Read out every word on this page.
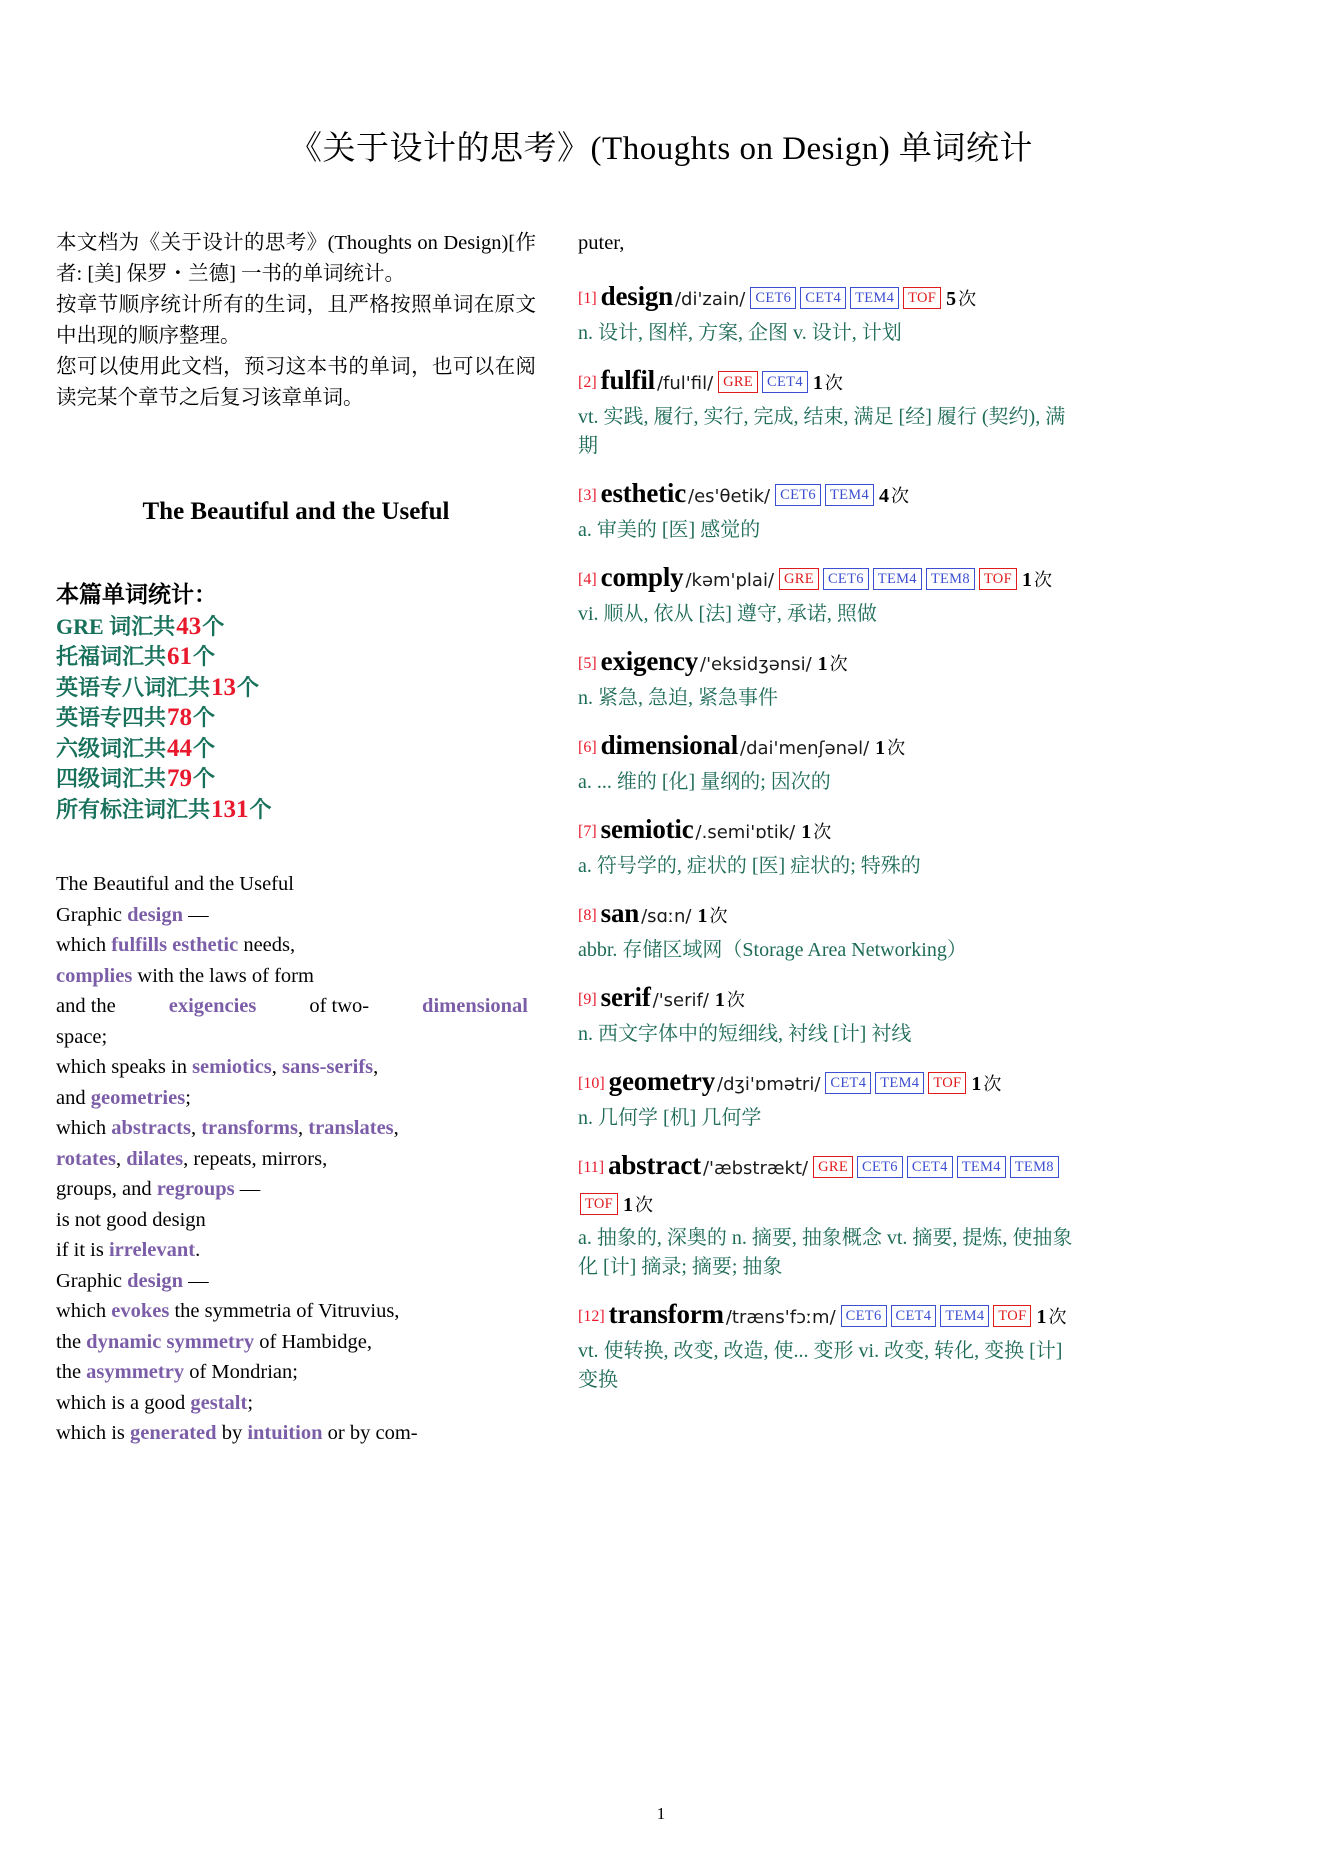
《关于设计的思考》(Thoughts on Design) 单词统计

本文档为《关于设计的思考》(Thoughts on Design)[作者: [美] 保罗・兰德] 一书的单词统计。

按章节顺序统计所有的生词，且严格按照单词在原文中出现的顺序整理。

您可以使用此文档，预习这本书的单词，也可以在阅读完某个章节之后复习该章单词。

The Beautiful and the Useful
本篇单词统计：
GRE 词汇共43个
托福词汇共61个
英语专八词汇共13个
英语专四共78个
六级词汇共44个
四级词汇共79个
所有标注词汇共131个
The Beautiful and the Useful
Graphic design —
which fulfills esthetic needs,
complies with the laws of form
and the	exigencies	of two-	dimensional
space;
which speaks in semiotics, sans-serifs,
and geometries;
which abstracts, transforms, translates,
rotates, dilates, repeats, mirrors,
groups, and regroups —
is not good design
if it is irrelevant.
Graphic design —
which evokes the symmetria of Vitruvius,
the dynamic symmetry of Hambidge,
the asymmetry of Mondrian;
which is a good gestalt;
which is generated by intuition or by com-
puter,
[1] design /di'zain/ CET6 CET4 TEM4 TOF 5 次
n. 设计, 图样, 方案, 企图 v. 设计, 计划
[2] fulfil /ful'fil/ GRE CET4 1 次
vt. 实践, 履行, 实行, 完成, 结束, 满足 [经] 履行 (契约), 满期
[3] esthetic /es'θetik/ CET6 TEM4 4 次
a. 审美的 [医] 感觉的
[4] comply /kəm'plai/ GRE CET6 TEM4 TEM8 TOF 1 次
vi. 顺从, 依从 [法] 遵守, 承诺, 照做
[5] exigency /'eksidʒənsi/ 1 次
n. 紧急, 急迫, 紧急事件
[6] dimensional /dai'menʃənəl/ 1 次
a. ... 维的 [化] 量纲的; 因次的
[7] semiotic /.semi'ɒtik/ 1 次
a. 符号学的, 症状的 [医] 症状的; 特殊的
[8] san /sɑːn/ 1 次
abbr. 存储区域网（Storage Area Networking）
[9] serif /'serif/ 1 次
n. 西文字体中的短细线, 衬线 [计] 衬线
[10] geometry /dʒi'ɒmətri/ CET4 TEM4 TOF 1 次
n. 几何学 [机] 几何学
[11] abstract /'æbstrækt/ GRE CET6 CET4 TEM4 TEM8TOF 1 次
a. 抽象的, 深奥的 n. 摘要, 抽象概念 vt. 摘要, 提炼, 使抽象化 [计] 摘录; 摘要; 抽象
[12] transform /træns'fɔːm/ CET6 CET4 TEM4 TOF 1 次
vt. 使转换, 改变, 改造, 使... 变形 vi. 改变, 转化, 变换 [计] 变换
1
